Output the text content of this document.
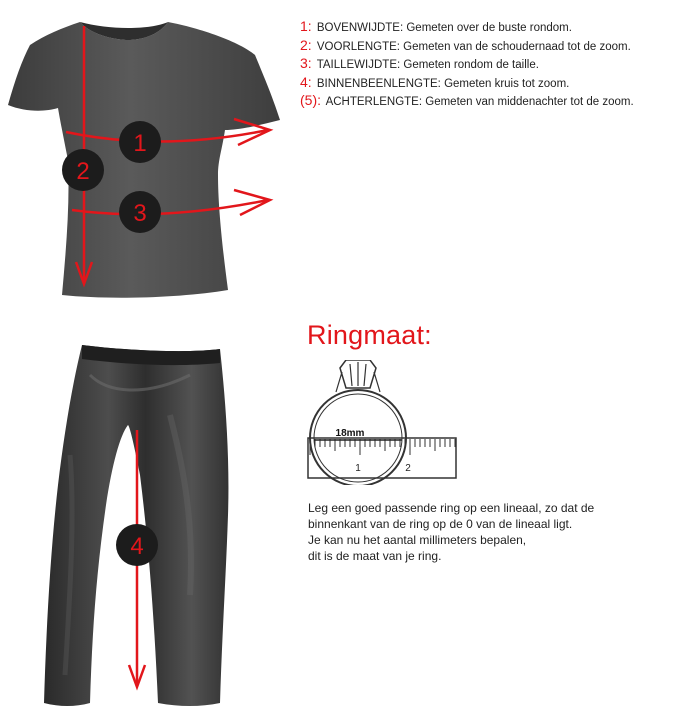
1
2
3
1: BOVENWIJDTE: Gemeten over de buste rondom.
2: VOORLENGTE: Gemeten van de schoudernaad tot de zoom.
3: TAILLEWIJDTE: Gemeten rondom de taille.
4: BINNENBEENLENGTE: Gemeten kruis tot zoom.
(5): ACHTERLENGTE: Gemeten van middenachter tot de zoom.
4
Ringmaat:
1	2
18mm
Leg een goed passende ring op een lineaal, zo dat de
binnenkant van de ring op de 0 van de lineaal ligt.
Je kan nu het aantal millimeters bepalen,
dit is de maat van je ring.
